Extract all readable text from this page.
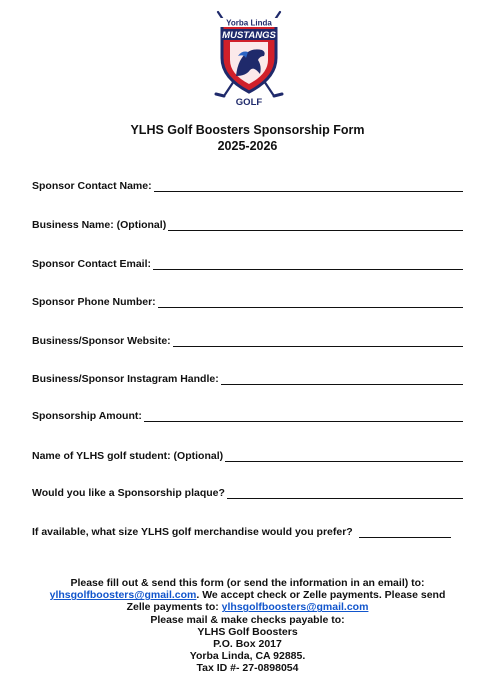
Yorba Linda
MUSTANGS
GOLF
YLHS Golf Boosters Sponsorship Form
2025-2026
Sponsor Contact Name:
Business Name: (Optional)
Sponsor Contact Email:
Sponsor Phone Number:
Business/Sponsor Website:
Business/Sponsor Instagram Handle:
Sponsorship Amount:
Name of YLHS golf student: (Optional)
Would you like a Sponsorship plaque?
If available, what size YLHS golf merchandise would you prefer?
Please fill out & send this form (or send the information in an email) to:
ylhsgolfboosters@gmail.com. We accept check or Zelle payments. Please send
Zelle payments to: ylhsgolfboosters@gmail.com
Please mail & make checks payable to:
YLHS Golf Boosters
P.O. Box 2017
Yorba Linda, CA 92885.
Tax ID #- 27-0898054
